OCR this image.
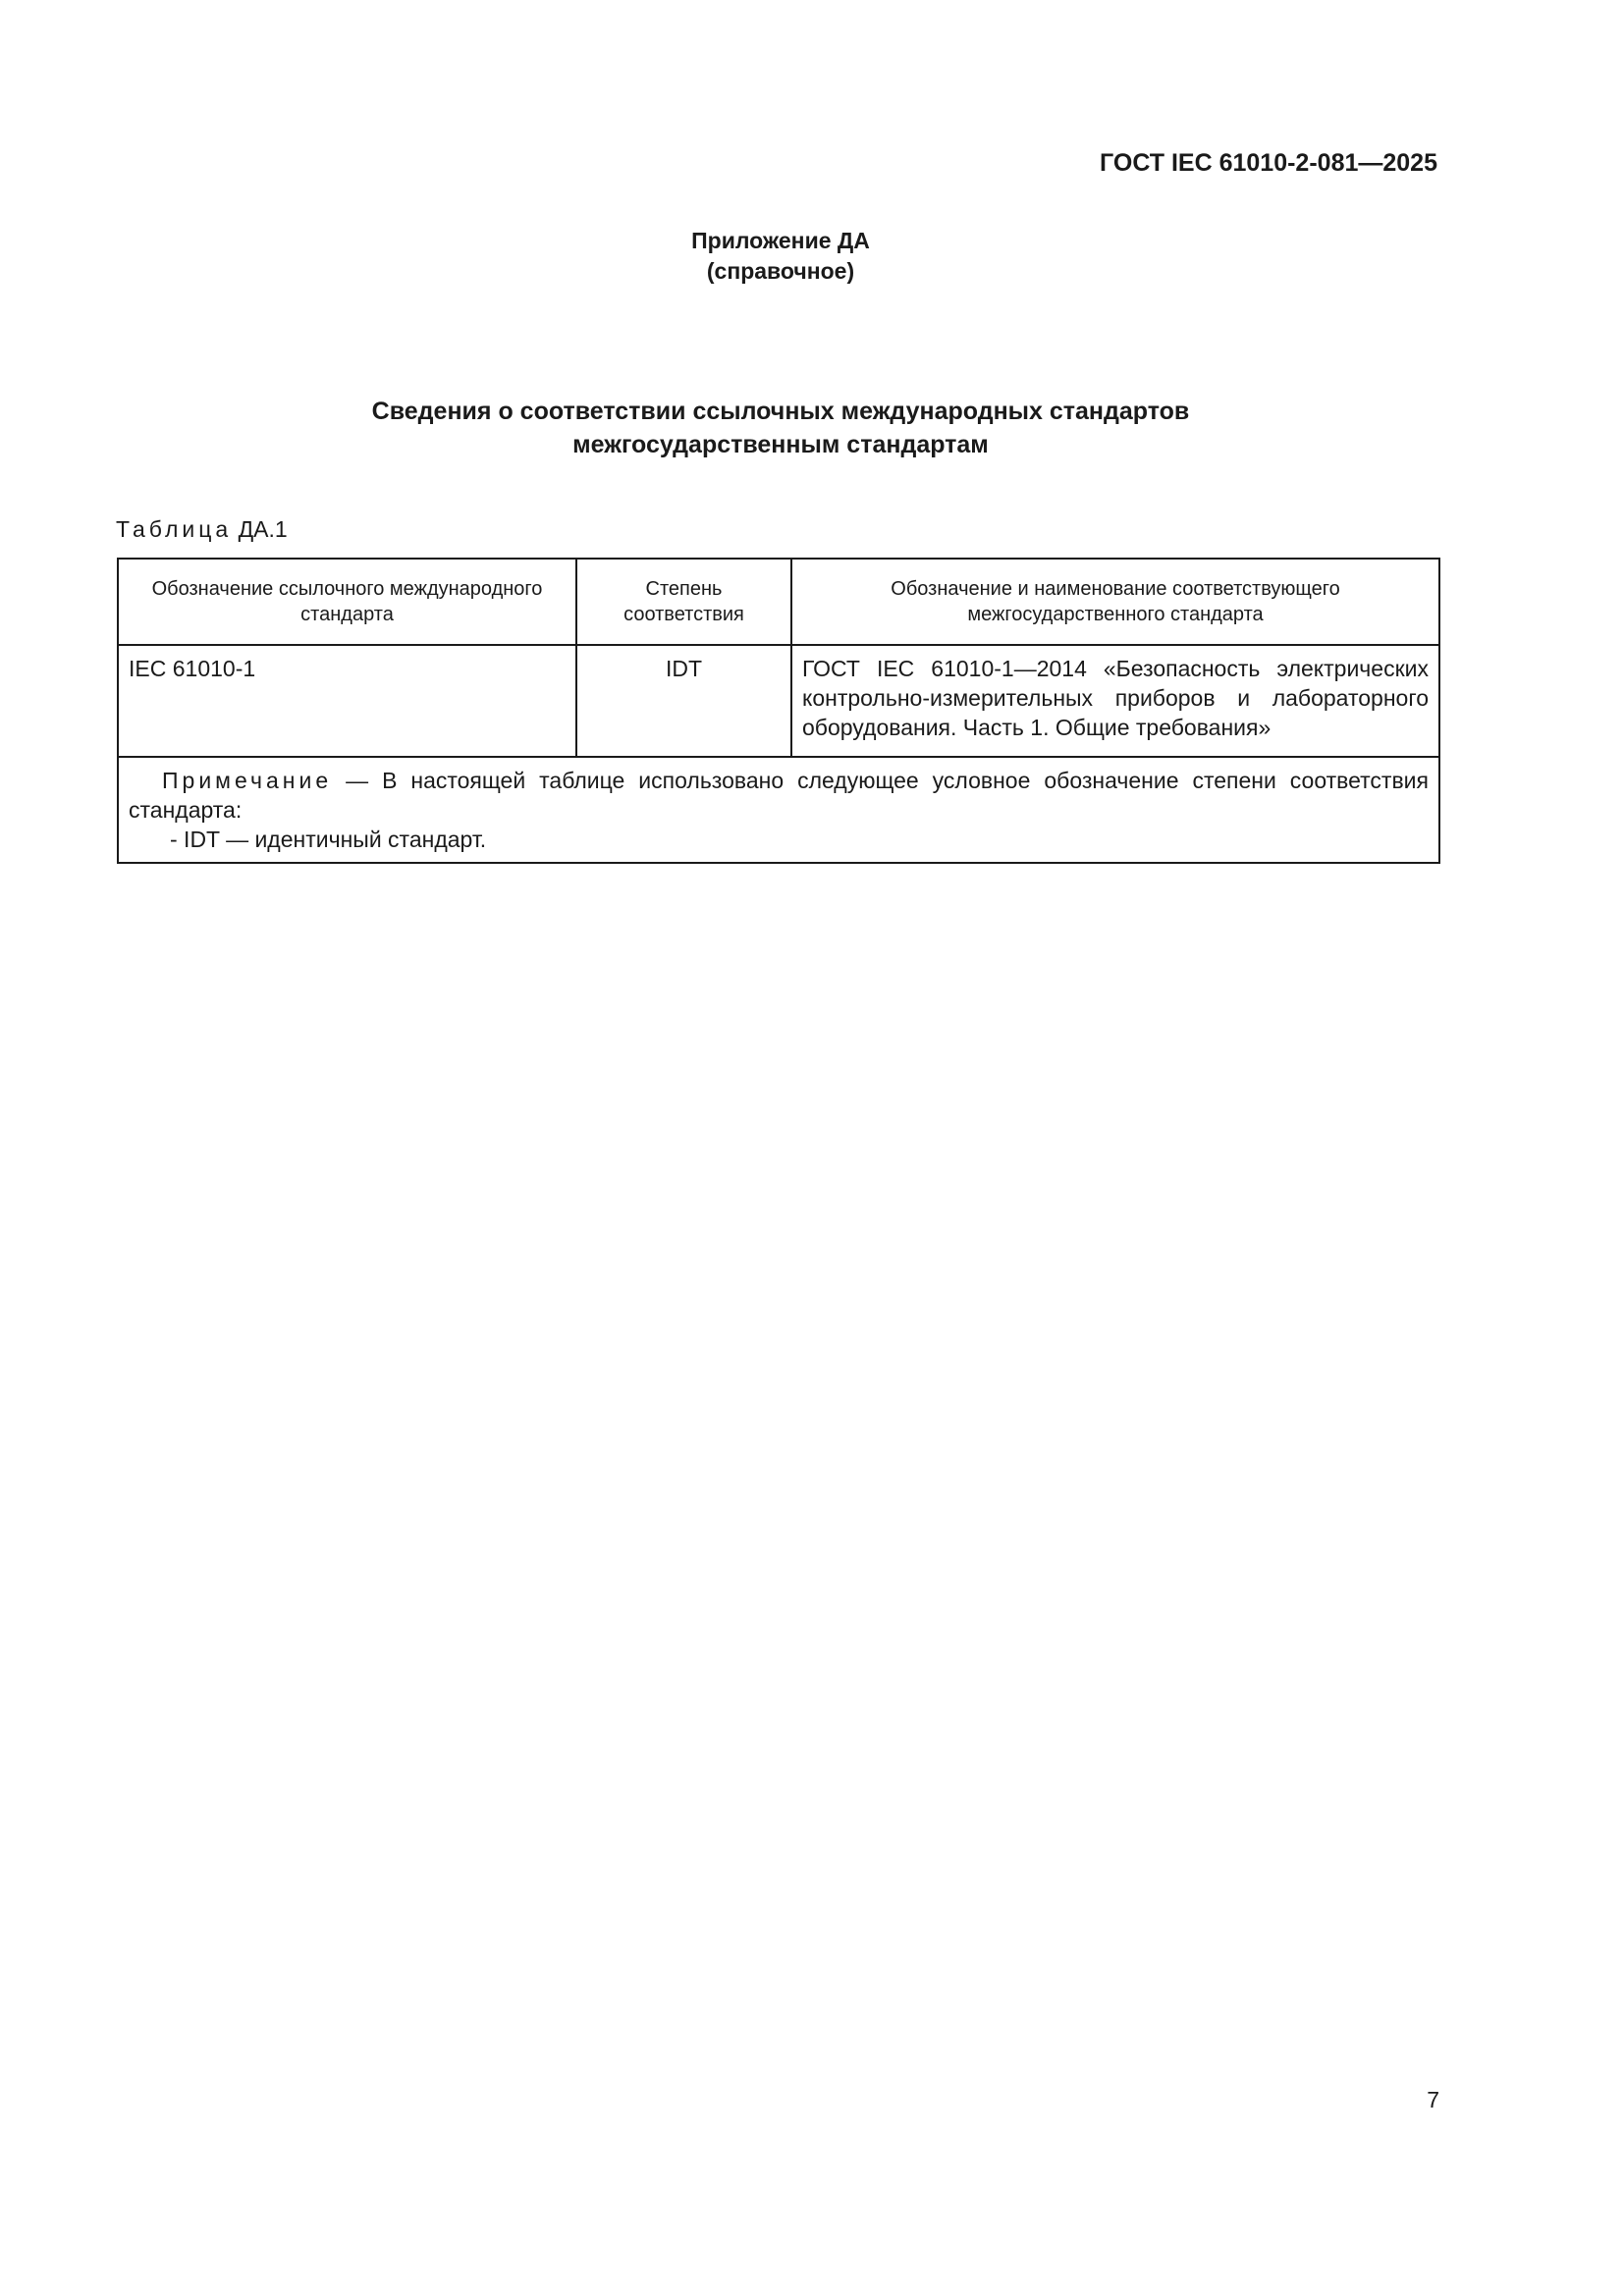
ГОСТ IEC 61010-2-081—2025
Приложение ДА
(справочное)
Сведения о соответствии ссылочных международных стандартов
межгосударственным стандартам
Таблица ДА.1
Обозначение ссылочного международного стандарта	Степень соответствия	Обозначение и наименование соответствующего межгосударственного стандарта
IEC 61010-1	IDT	ГОСТ IEC 61010-1—2014 «Безопасность электрических контрольно-измерительных приборов и лабораторного оборудования. Часть 1. Общие требования»
Примечание — В настоящей таблице использовано следующее условное обозначение степени соответствия стандарта:
- IDT — идентичный стандарт.		
7
